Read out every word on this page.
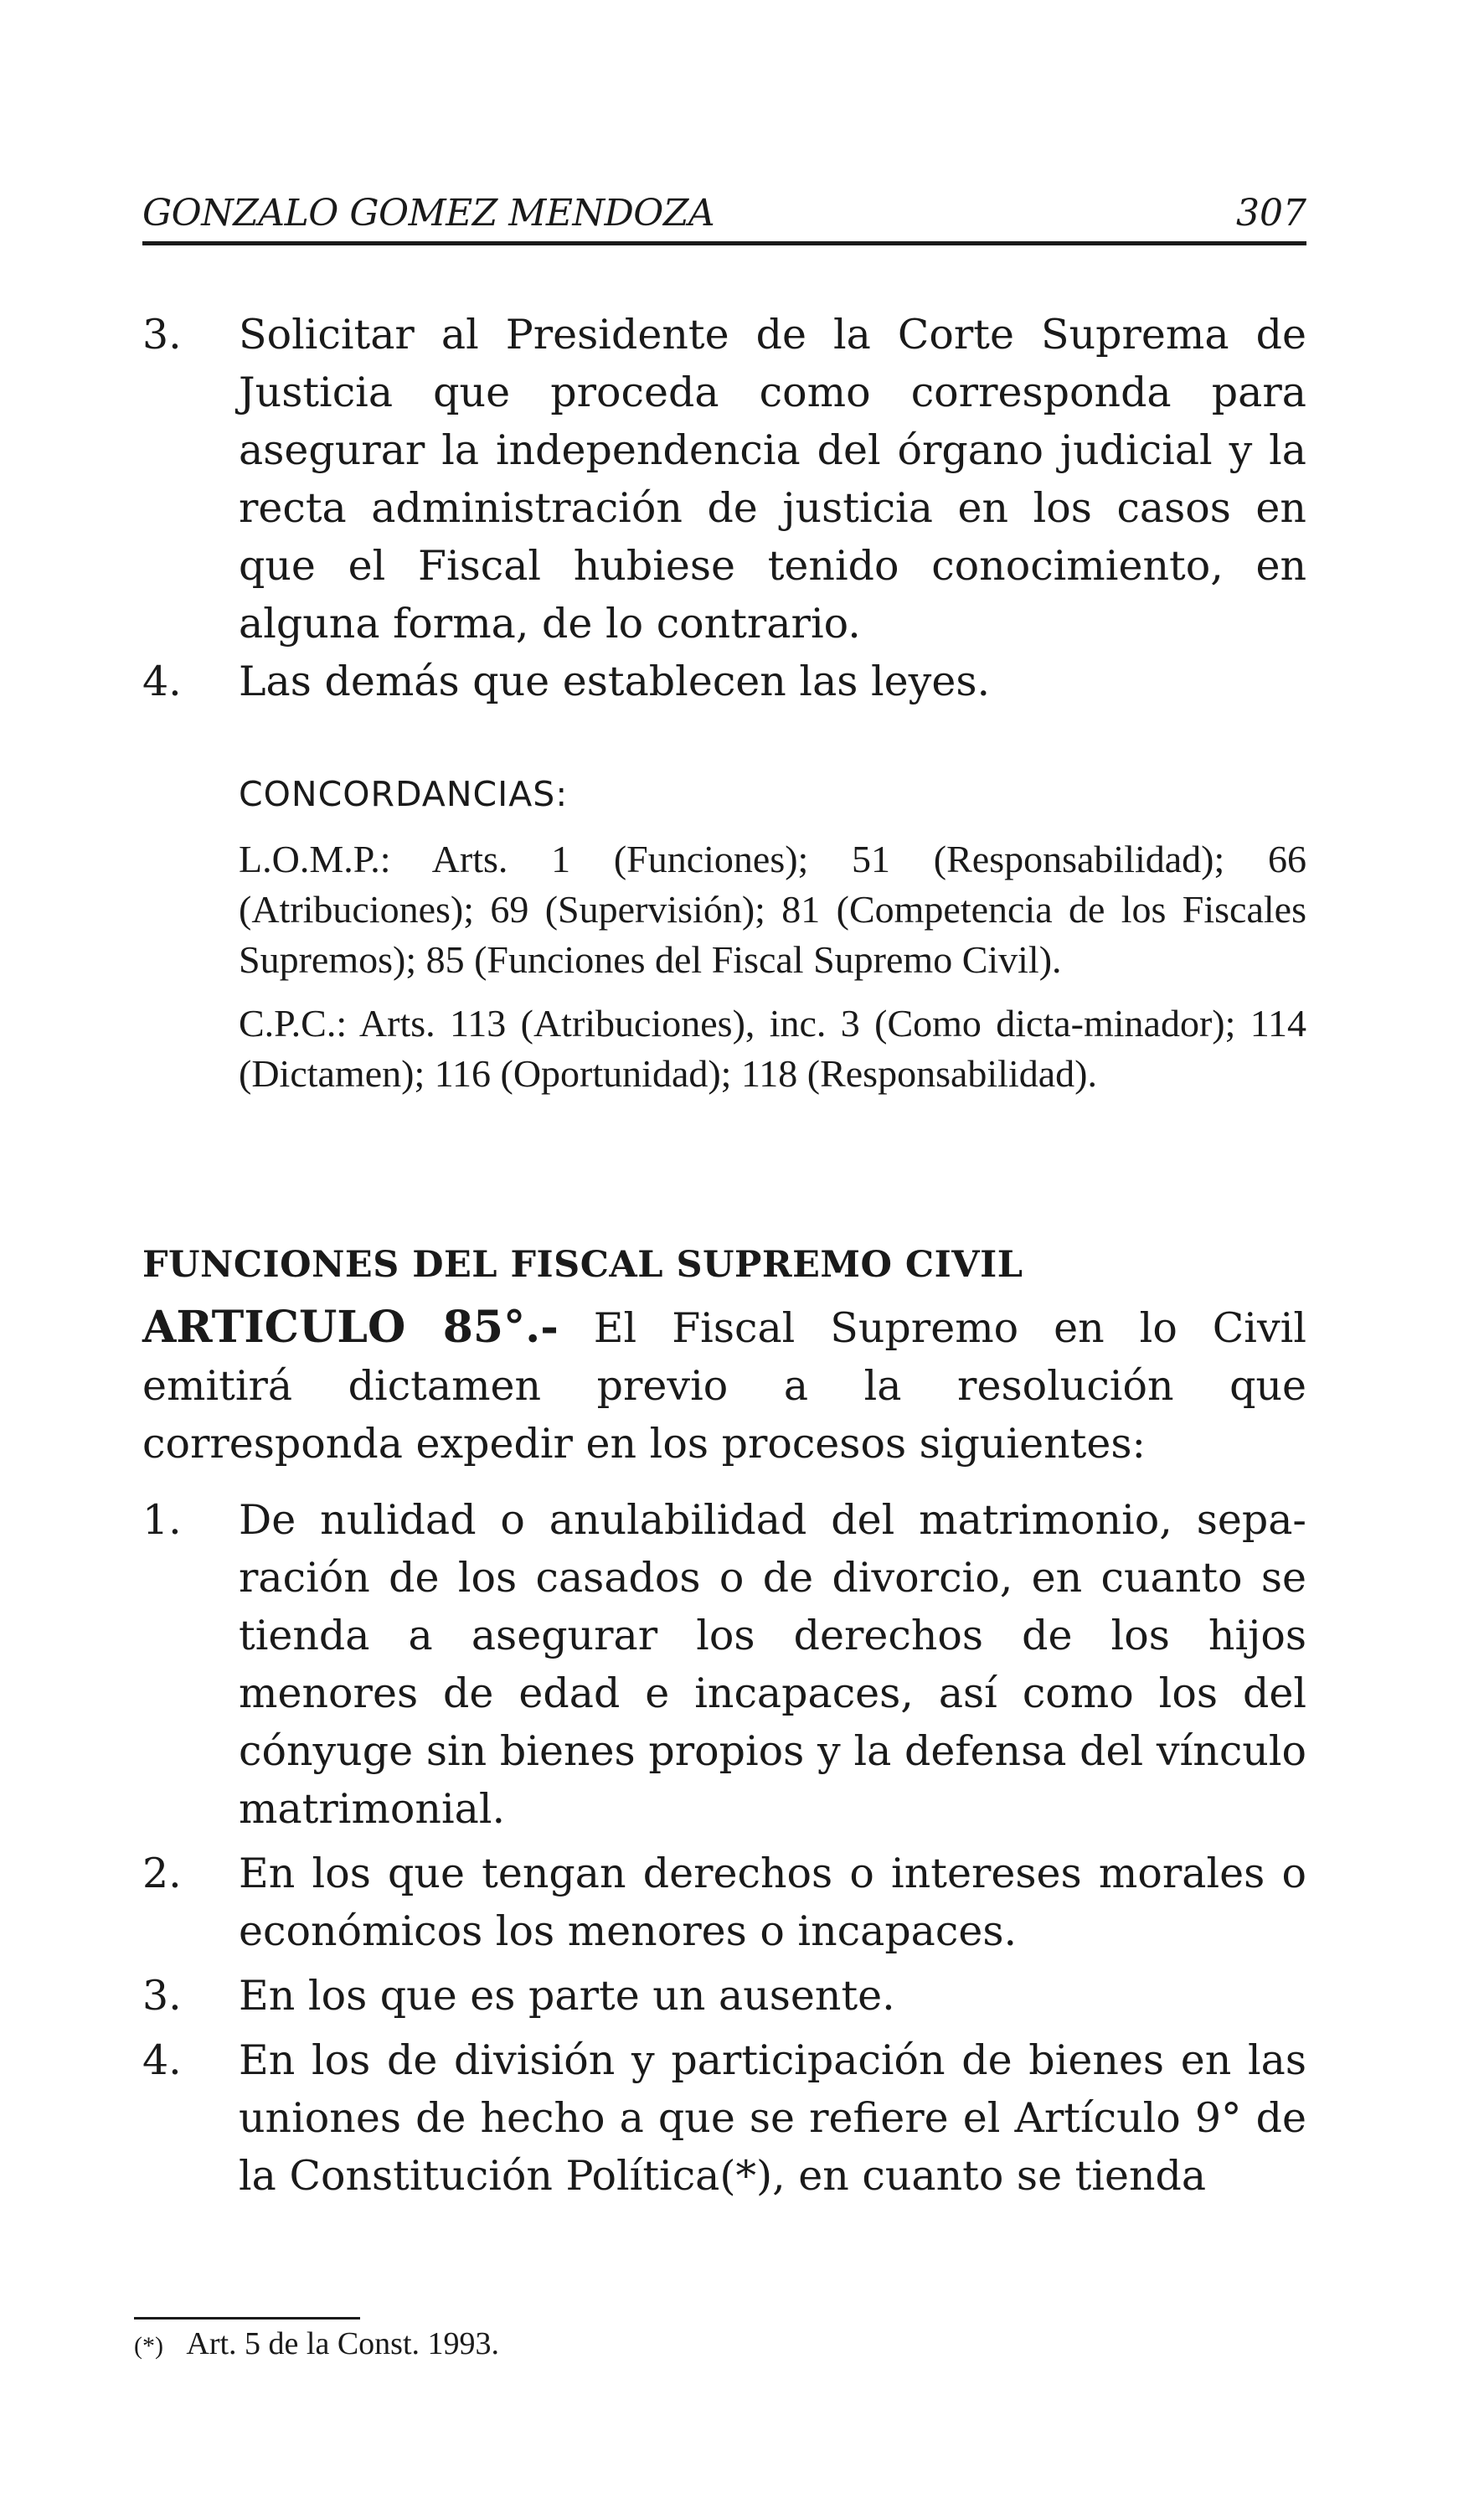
GONZALO GOMEZ MENDOZA	307
3. Solicitar al Presidente de la Corte Suprema de Justicia que proceda como corresponda para asegurar la independencia del órgano judicial y la recta administración de justicia en los casos en que el Fiscal hubiese tenido conocimiento, en alguna forma, de lo contrario.
4. Las demás que establecen las leyes.

CONCORDANCIAS:

L.O.M.P.: Arts. 1 (Funciones); 51 (Responsabilidad); 66 (Atribuciones); 69 (Supervisión); 81 (Competencia de los Fiscales Supremos); 85 (Funciones del Fiscal Supremo Civil).

C.P.C.: Arts. 113 (Atribuciones), inc. 3 (Como dicta-minador); 114 (Dictamen); 116 (Oportunidad); 118 (Responsabilidad).

FUNCIONES DEL FISCAL SUPREMO CIVIL
ARTICULO 85°.- El Fiscal Supremo en lo Civil emitirá dictamen previo a la resolución que corresponda expedir en los procesos siguientes:
1. De nulidad o anulabilidad del matrimonio, sepa-ración de los casados o de divorcio, en cuanto se tienda a asegurar los derechos de los hijos menores de edad e incapaces, así como los del cónyuge sin bienes propios y la defensa del vínculo matrimonial.
2. En los que tengan derechos o intereses morales o económicos los menores o incapaces.
3. En los que es parte un ausente.
4. En los de división y participación de bienes en las uniones de hecho a que se refiere el Artículo 9° de la Constitución Política(*), en cuanto se tienda
(*) Art. 5 de la Const. 1993.
